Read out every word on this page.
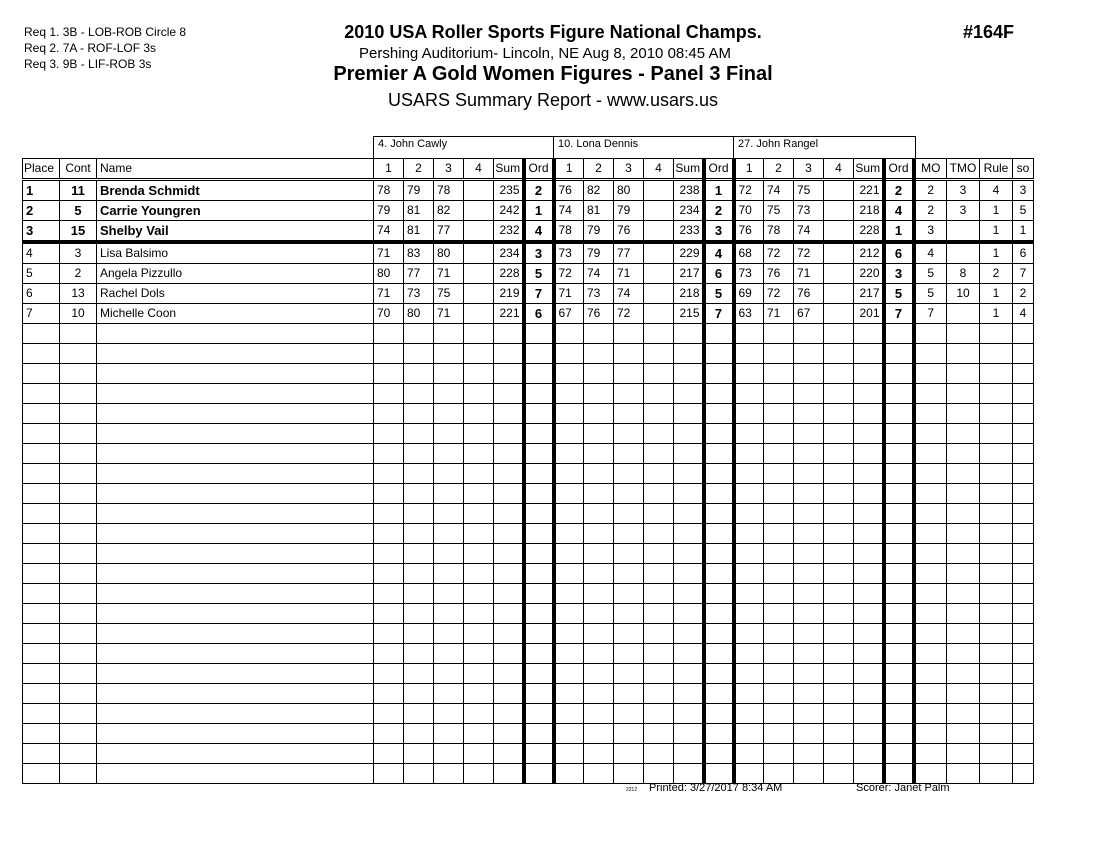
Req 1. 3B - LOB-ROB Circle 8
Req 2. 7A - ROF-LOF 3s
Req 3. 9B - LIF-ROB 3s
2010 USA Roller Sports Figure National Champs.
Pershing Auditorium- Lincoln, NE Aug 8, 2010 08:45 AM
Premier A Gold Women Figures - Panel 3 Final
USARS Summary Report - www.usars.us
#164F
4. John Cawly	10. Lona Dennis	27. John Rangel
Place	Cont	Name	1	2	3	4	Sum	Ord	1	2	3	4	Sum	Ord	1	2	3	4	Sum	Ord	MO	TMO	Rule	so
1	11	Brenda Schmidt	78	79	78		235	2	76	82	80		238	1	72	74	75		221	2	2	3	4	3
2	5	Carrie Youngren	79	81	82		242	1	74	81	79		234	2	70	75	73		218	4	2	3	1	5
3	15	Shelby Vail	74	81	77		232	4	78	79	76		233	3	76	78	74		228	1	3		1	1
4	3	Lisa Balsimo	71	83	80		234	3	73	79	77		229	4	68	72	72		212	6	4		1	6
5	2	Angela Pizzullo	80	77	71		228	5	72	74	71		217	6	73	76	71		220	3	5	8	2	7
6	13	Rachel Dols	71	73	75		219	7	71	73	74		218	5	69	72	76		217	5	5	10	1	2
7	10	Michelle Coon	70	80	71		221	6	67	76	72		215	7	63	71	67		201	7	7		1	4

2212 Printed: 3/27/2017 8:34 AM	Scorer: Janet Palm
